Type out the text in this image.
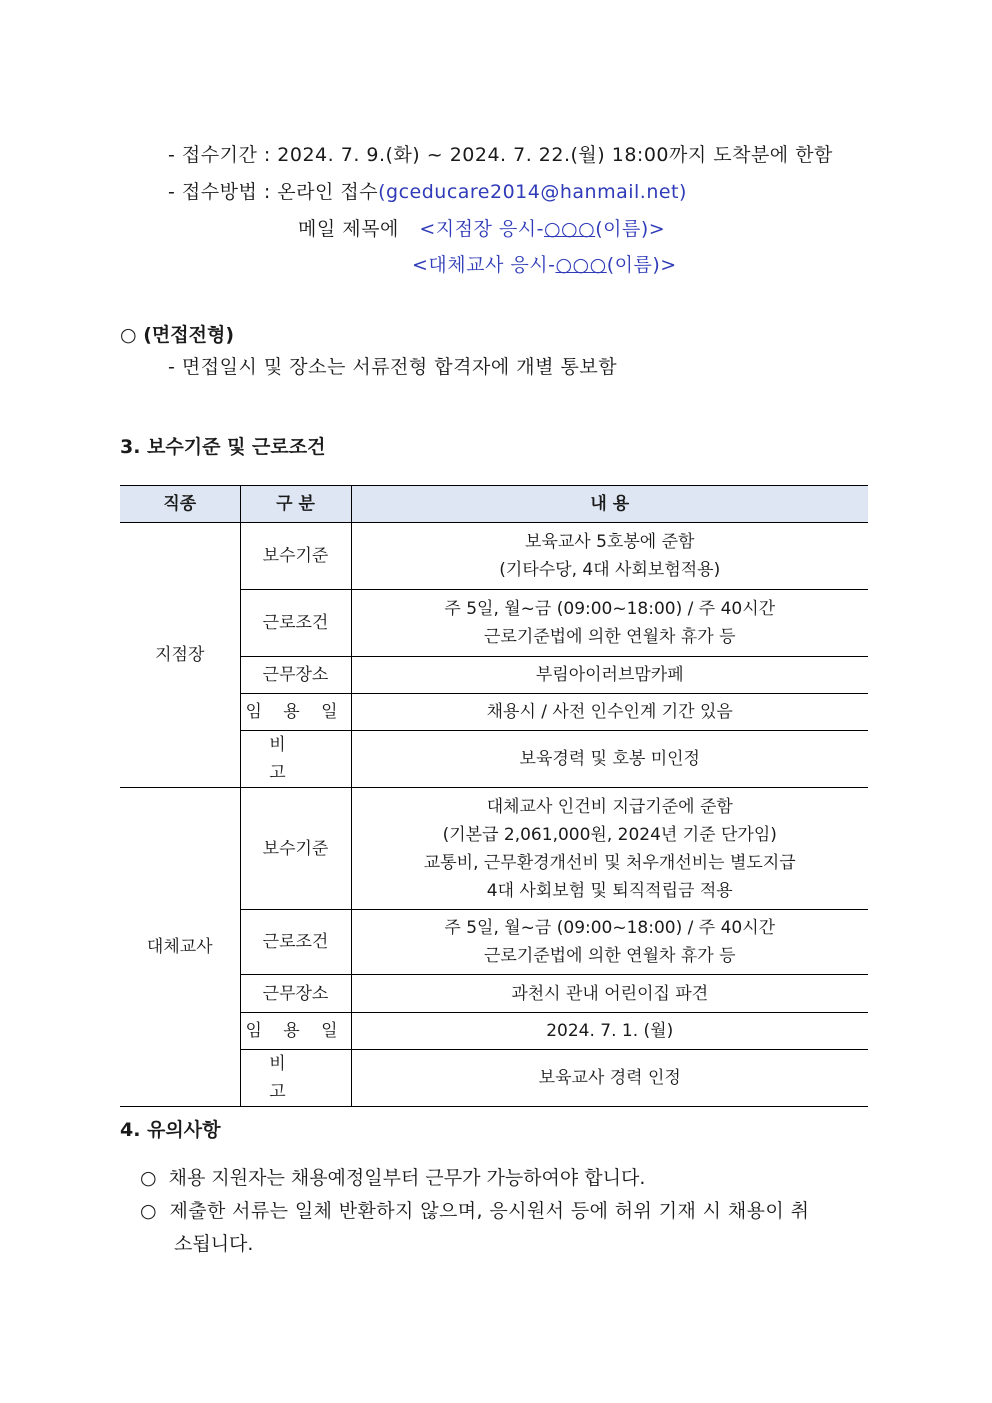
- 접수기간 : 2024. 7. 9.(화) ~ 2024. 7. 22.(월) 18:00까지 도착분에 한함
- 접수방법 : 온라인 접수(gceducare2014@hanmail.net)
메일 제목에 <지점장 응시-○○○(이름)>
<대체교사 응시-○○○(이름)>
○ (면접전형)
- 면접일시 및 장소는 서류전형 합격자에 개별 통보함
3. 보수기준 및 근로조건
직종	구 분	내 용
지점장	보수기준	보육교사 5호봉에 준함
(기타수당, 4대 사회보험적용)

	근로조건	주 5일, 월~금 (09:00~18:00) / 주 40시간
근로기준법에 의한 연월차 휴가 등

	근무장소	부림아이러브맘카페
	임 용 일	채용시 / 사전 인수인계 기간 있음
	비 고	보육경력 및 호봉 미인정
대체교사	보수기준	대체교사 인건비 지급기준에 준함
(기본급 2,061,000원, 2024년 기준 단가임)
교통비, 근무환경개선비 및 처우개선비는 별도지급
4대 사회보험 및 퇴직적립금 적용

	근로조건	주 5일, 월~금 (09:00~18:00) / 주 40시간
근로기준법에 의한 연월차 휴가 등

	근무장소	과천시 관내 어린이집 파견
	임 용 일	2024. 7. 1. (월)
	비 고	보육교사 경력 인정
4. 유의사항
○ 채용 지원자는 채용예정일부터 근무가 가능하여야 합니다.
○ 제출한 서류는 일체 반환하지 않으며, 응시원서 등에 허위 기재 시 채용이 취
소됩니다.
